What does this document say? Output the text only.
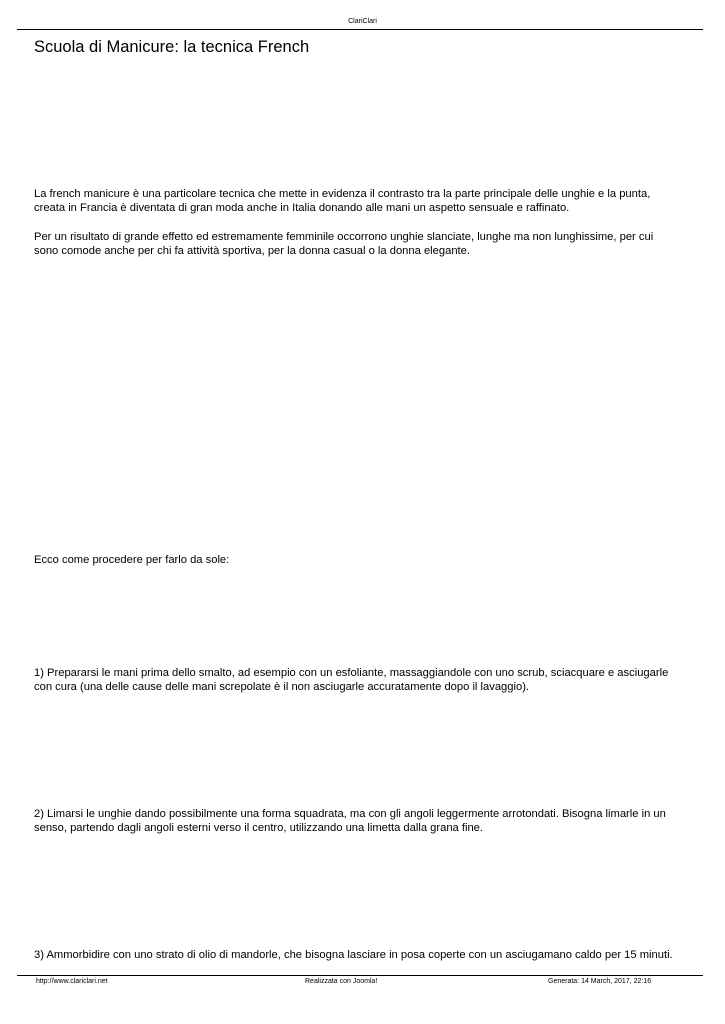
ClariClari
Scuola di Manicure: la tecnica French

La french manicure è una particolare tecnica che mette in evidenza il contrasto tra la parte principale delle unghie e la punta, creata in Francia è diventata di gran moda anche in Italia donando alle mani un aspetto sensuale e raffinato.

Per un risultato di grande effetto ed estremamente femminile occorrono unghie slanciate, lunghe ma non lunghissime, per cui sono comode anche per chi fa attività sportiva, per la donna casual o la donna elegante.

Ecco come procedere per farlo da sole:

1) Prepararsi le mani prima dello smalto, ad esempio con un esfoliante, massaggiandole con uno scrub, sciacquare e asciugarle con cura (una delle cause delle mani screpolate è il non asciugarle accuratamente dopo il lavaggio).

2) Limarsi le unghie dando possibilmente una forma squadrata, ma con gli angoli leggermente arrotondati. Bisogna limarle in un senso, partendo dagli angoli esterni verso il centro, utilizzando una limetta dalla grana fine.

3) Ammorbidire con uno strato di olio di mandorle, che bisogna lasciare in posa coperte con un asciugamano caldo per 15 minuti.

http://www.clariclari.net	Realizzata con Joomla!	Generata: 14 March, 2017, 22:16
